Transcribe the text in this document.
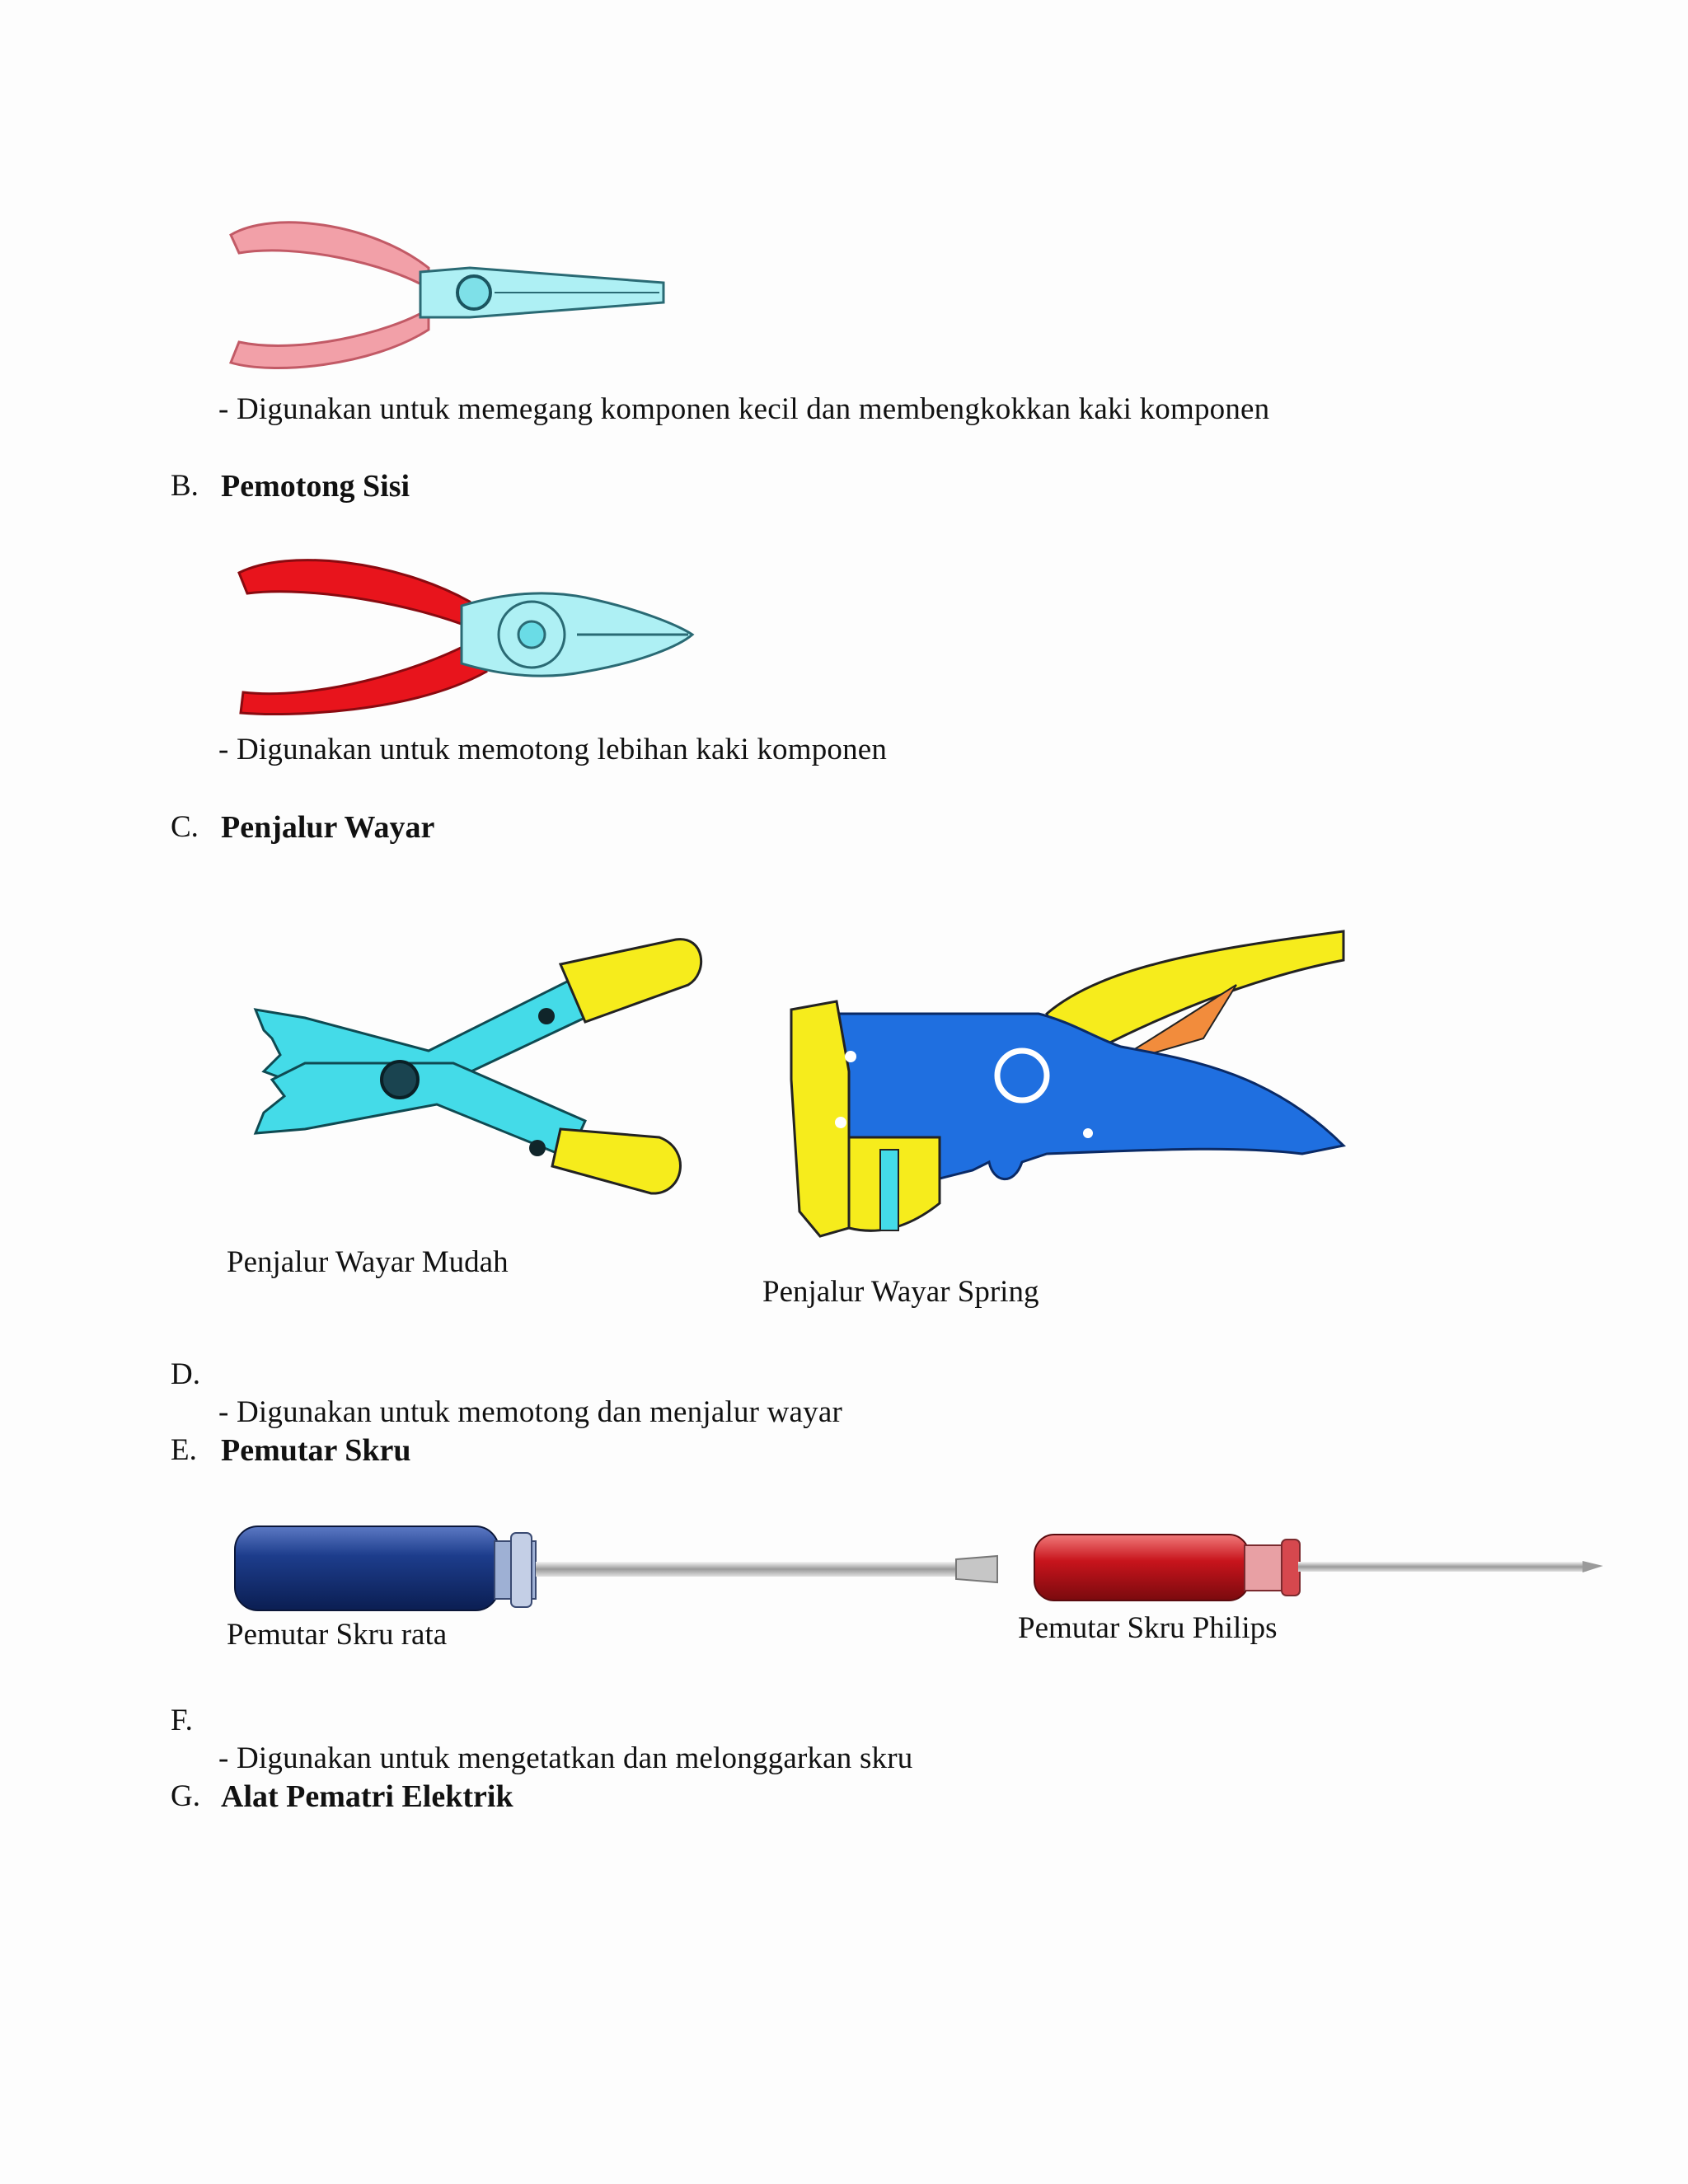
- Digunakan untuk memegang komponen kecil dan membengkokkan kaki komponen
B. Pemotong Sisi
- Digunakan untuk memotong lebihan kaki komponen
C. Penjalur Wayar
Penjalur Wayar Mudah
Penjalur Wayar Spring
D.
- Digunakan untuk memotong dan menjalur wayar
E. Pemutar Skru
Pemutar Skru rata	Pemutar Skru Philips
F.
- Digunakan untuk mengetatkan dan melonggarkan skru
G. Alat Pematri Elektrik
